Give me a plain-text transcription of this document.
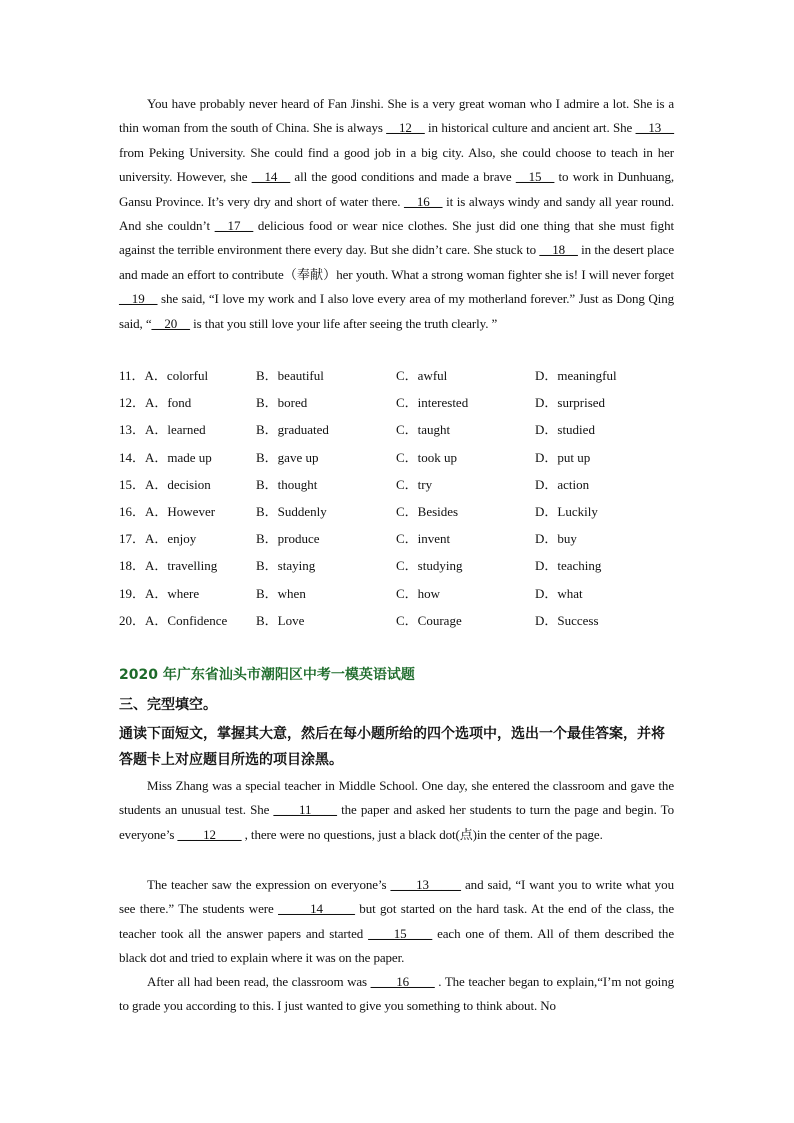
You have probably never heard of Fan Jinshi. She is a very great woman who I admire a lot. She is a thin woman from the south of China. She is always __12__ in historical culture and ancient art. She __13__ from Peking University. She could find a good job in a big city. Also, she could choose to teach in her university. However, she __14__ all the good conditions and made a brave __15__ to work in Dunhuang, Gansu Province. It’s very dry and short of water there. __16__ it is always windy and sandy all year round. And she couldn’t __17__ delicious food or wear nice clothes. She just did one thing that she must fight against the terrible environment there every day. But she didn’t care. She stuck to __18__ in the desert place and made an effort to contribute（奉献）her youth. What a strong woman fighter she is! I will never forget __19__ she said, “I love my work and I also love every area of my motherland forever.” Just as Dong Qing said, “__20__ is that you still love your life after seeing the truth clearly. ”

11．A．colorful	B．beautiful	C．awful	D．meaningful
12．A．fond	B．bored	C．interested	D．surprised
13．A．learned	B．graduated	C．taught	D．studied
14．A．made up	B．gave up	C．took up	D．put up
15．A．decision	B．thought	C．try	D．action
16．A．However	B．Suddenly	C．Besides	D．Luckily
17．A．enjoy	B．produce	C．invent	D．buy
18．A．travelling	B．staying	C．studying	D．teaching
19．A．where	B．when	C．how	D．what
20．A．Confidence B．Love	C．Courage	D．Success
2020 年广东省汕头市潮阳区中考一模英语试题
三、完型填空。

通读下面短文，掌握其大意，然后在每小题所给的四个选项中，选出一个最佳答案，并将答题卡上对应题目所选的项目涂黑。

Miss Zhang was a special teacher in Middle School. One day, she entered the classroom and gave the students an unusual test. She ____11____ the paper and asked her students to turn the page and begin. To everyone’s ____12____ , there were no questions, just a black dot(点)in the center of the page.

The teacher saw the expression on everyone’s ____13_____ and said, “I want you to write what you see there.” The students were _____14_____ but got started on the hard task. At the end of the class, the teacher took all the answer papers and started ____15____ each one of them. All of them described the black dot and tried to explain where it was on the paper.

After all had been read, the classroom was ____16____ . The teacher began to explain,“I’m not going to grade you according to this. I just wanted to give you something to think about. No
